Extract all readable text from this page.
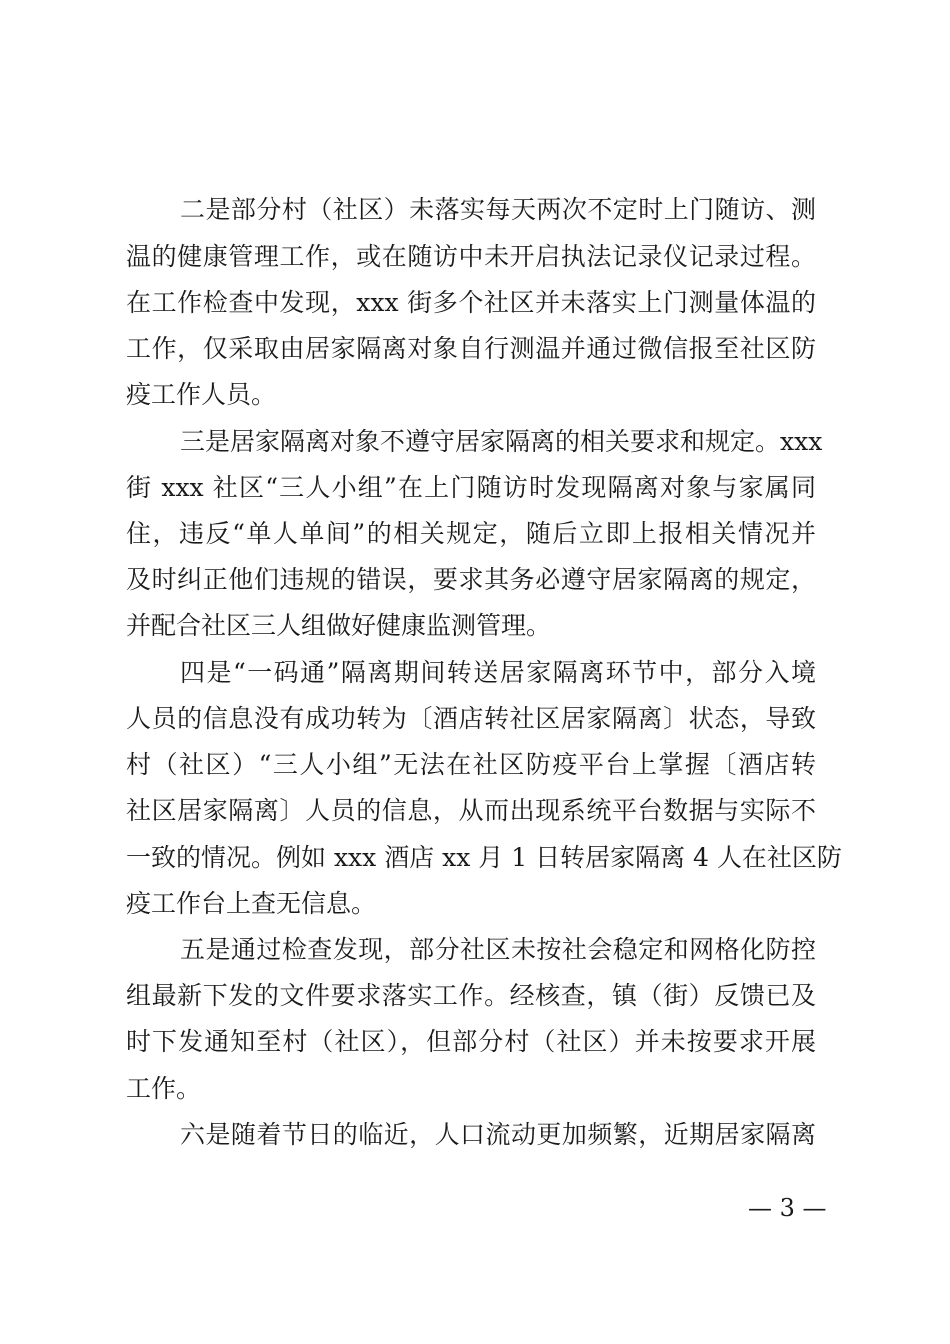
二是部分村（社区）未落实每天两次不定时上门随访、测
温的健康管理工作，或在随访中未开启执法记录仪记录过程。
在工作检查中发现，xxx 街多个社区并未落实上门测量体温的
工作，仅采取由居家隔离对象自行测温并通过微信报至社区防
疫工作人员。
三是居家隔离对象不遵守居家隔离的相关要求和规定。xxx
街 xxx 社区“三人小组”在上门随访时发现隔离对象与家属同
住，违反“单人单间”的相关规定，随后立即上报相关情况并
及时纠正他们违规的错误，要求其务必遵守居家隔离的规定，
并配合社区三人组做好健康监测管理。
四是“一码通”隔离期间转送居家隔离环节中，部分入境
人员的信息没有成功转为〔酒店转社区居家隔离〕状态，导致
村（社区）“三人小组”无法在社区防疫平台上掌握〔酒店转
社区居家隔离〕人员的信息，从而出现系统平台数据与实际不
一致的情况。例如 xxx 酒店 xx 月 1 日转居家隔离 4 人在社区防
疫工作台上查无信息。
五是通过检查发现，部分社区未按社会稳定和网格化防控
组最新下发的文件要求落实工作。经核查，镇（街）反馈已及
时下发通知至村（社区），但部分村（社区）并未按要求开展
工作。
六是随着节日的临近，人口流动更加频繁，近期居家隔离
— 3 —
